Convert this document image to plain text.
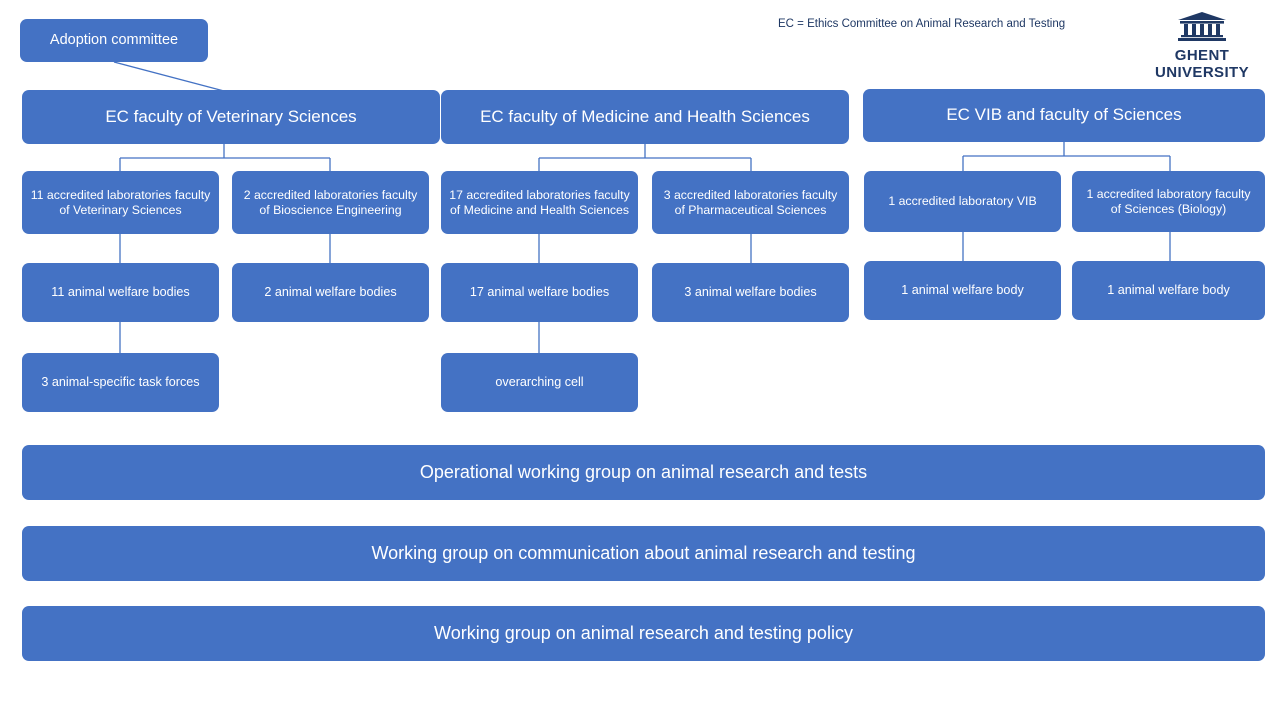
EC = Ethics Committee on Animal Research and Testing
GHENT
UNIVERSITY
Adoption committee
EC faculty of Veterinary Sciences	EC faculty of Medicine and Health Sciences	EC VIB and faculty of Sciences
11 accredited laboratories faculty of Veterinary Sciences
2 accredited laboratories faculty of Bioscience Engineering
17 accredited laboratories faculty of Medicine and Health Sciences
3 accredited laboratories faculty of Pharmaceutical Sciences
1 accredited laboratory VIB
1 accredited laboratory faculty of Sciences (Biology)
11 animal welfare bodies	2 animal welfare bodies	17 animal welfare bodies	3 animal welfare bodies	1 animal welfare body	1 animal welfare body
3 animal-specific task forces	overarching cell
Operational working group on animal research and tests
Working group on communication about animal research and testing
Working group on animal research and testing policy
